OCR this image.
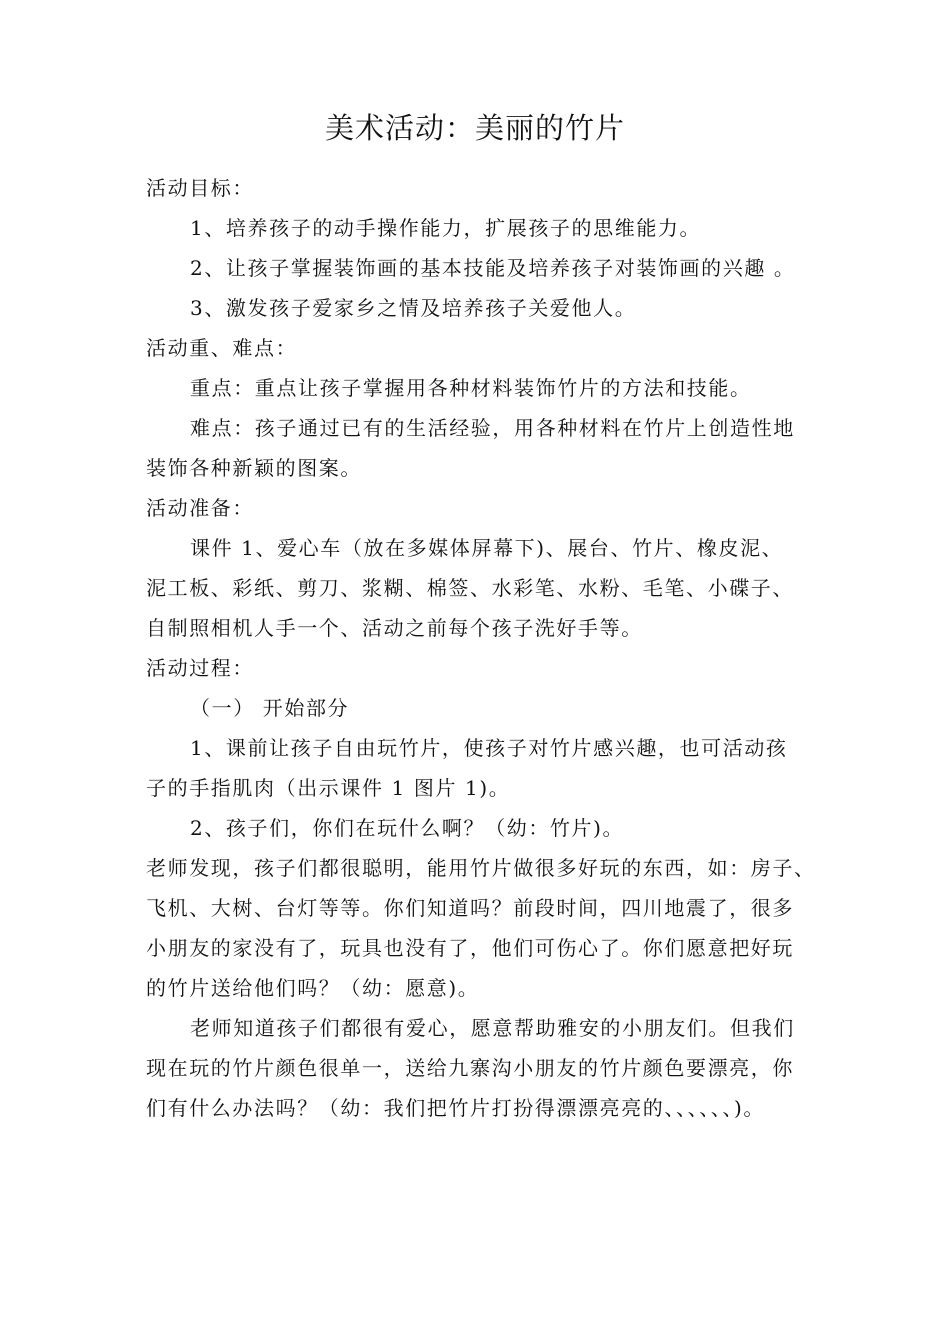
美术活动：美丽的竹片

活动目标：

1、培养孩子的动手操作能力，扩展孩子的思维能力。

2、让孩子掌握装饰画的基本技能及培养孩子对装饰画的兴趣 。

3、激发孩子爱家乡之情及培养孩子关爱他人。

活动重、难点：

重点：重点让孩子掌握用各种材料装饰竹片的方法和技能。

难点：孩子通过已有的生活经验，用各种材料在竹片上创造性地

装饰各种新颖的图案。

活动准备：

课件 1、爱心车（放在多媒体屏幕下)、展台、竹片、橡皮泥、

泥工板、彩纸、剪刀、浆糊、棉签、水彩笔、水粉、毛笔、小碟子、

自制照相机人手一个、活动之前每个孩子洗好手等。

活动过程：

（一） 开始部分

1、课前让孩子自由玩竹片，使孩子对竹片感兴趣，也可活动孩

子的手指肌肉（出示课件 1 图片 1)。

2、孩子们，你们在玩什么啊？（幼：竹片)。

老师发现，孩子们都很聪明，能用竹片做很多好玩的东西，如：房子、

飞机、大树、台灯等等。你们知道吗？前段时间，四川地震了，很多

小朋友的家没有了，玩具也没有了，他们可伤心了。你们愿意把好玩

的竹片送给他们吗？（幼：愿意)。

老师知道孩子们都很有爱心，愿意帮助雅安的小朋友们。但我们

现在玩的竹片颜色很单一，送给九寨沟小朋友的竹片颜色要漂亮，你

们有什么办法吗？（幼：我们把竹片打扮得漂漂亮亮的、、、、、、)。
